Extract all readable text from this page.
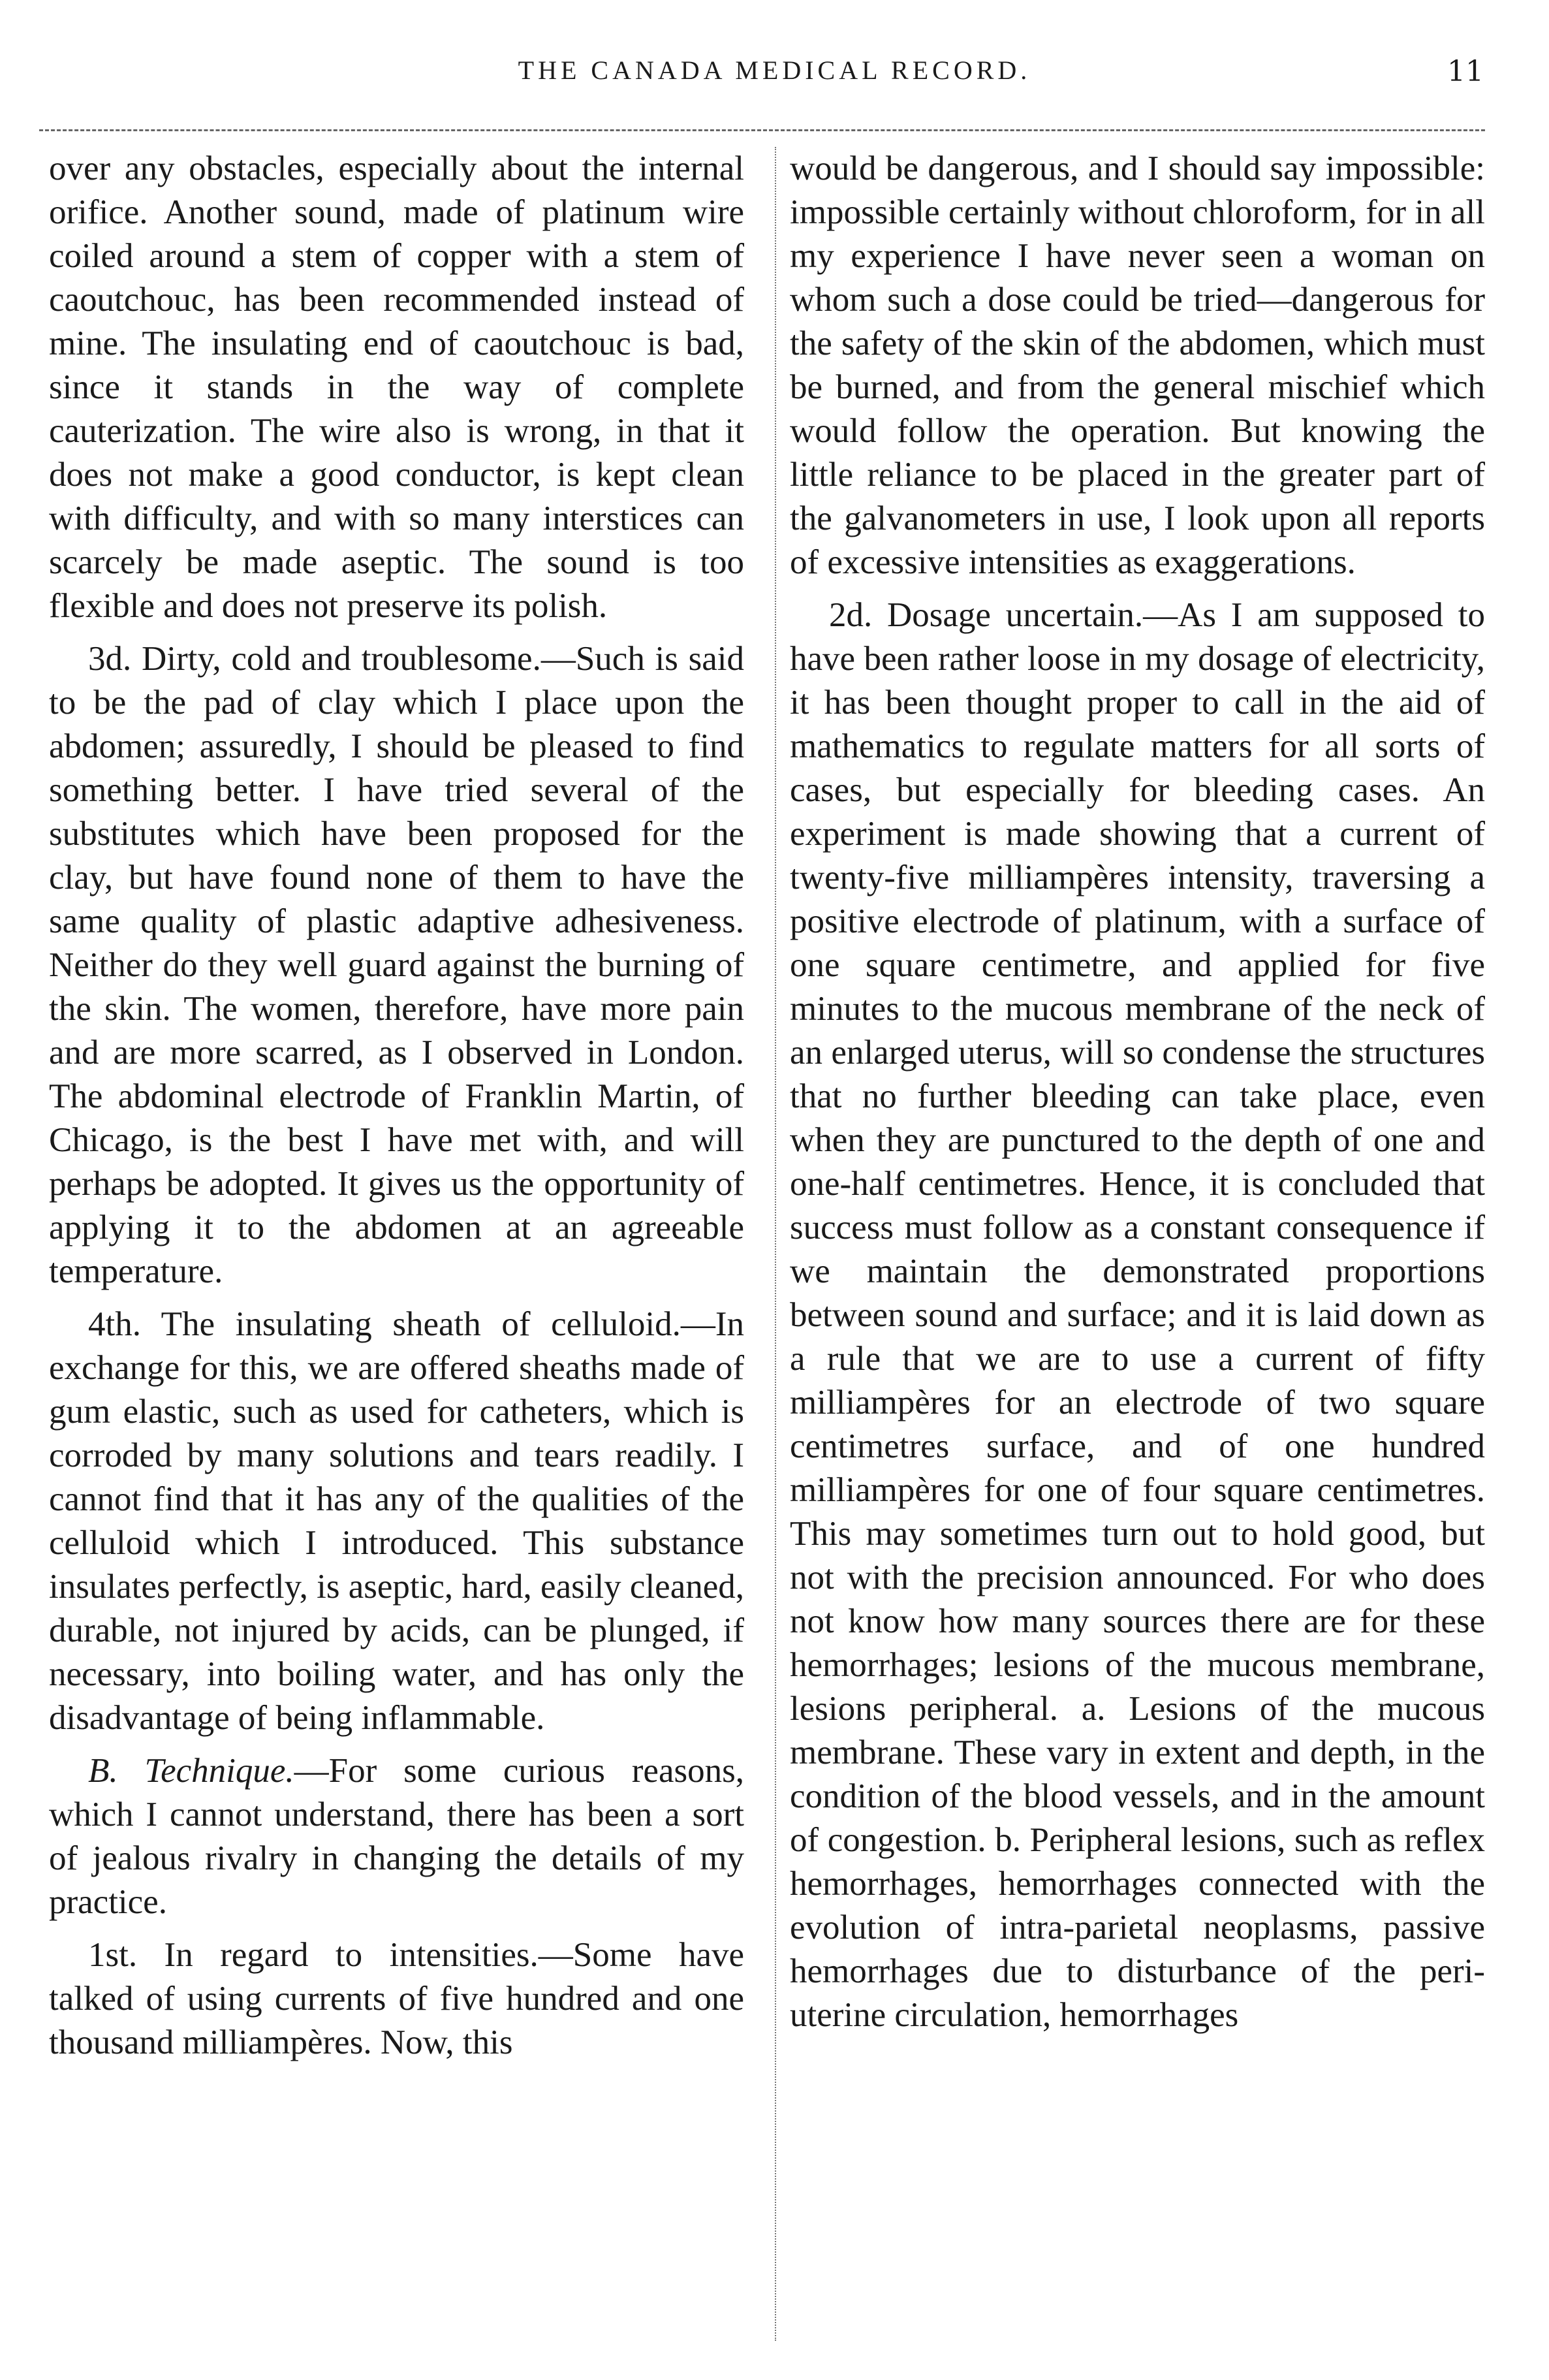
THE CANADA MEDICAL RECORD.	11

over any obstacles, especially about the internal orifice. Another sound, made of platinum wire coiled around a stem of copper with a stem of caoutchouc, has been recommended instead of mine. The insulating end of caoutchouc is bad, since it stands in the way of complete cauterization. The wire also is wrong, in that it does not make a good conductor, is kept clean with difficulty, and with so many interstices can scarcely be made aseptic. The sound is too flexible and does not preserve its polish.

3d. Dirty, cold and troublesome.—Such is said to be the pad of clay which I place upon the abdomen; assuredly, I should be pleased to find something better. I have tried several of the substitutes which have been proposed for the clay, but have found none of them to have the same quality of plastic adaptive adhesiveness. Neither do they well guard against the burning of the skin. The women, therefore, have more pain and are more scarred, as I observed in London. The abdominal electrode of Franklin Martin, of Chicago, is the best I have met with, and will perhaps be adopted. It gives us the opportunity of applying it to the abdomen at an agreeable temperature.

4th. The insulating sheath of celluloid.—In exchange for this, we are offered sheaths made of gum elastic, such as used for catheters, which is corroded by many solutions and tears readily. I cannot find that it has any of the qualities of the celluloid which I introduced. This substance insulates perfectly, is aseptic, hard, easily cleaned, durable, not injured by acids, can be plunged, if necessary, into boiling water, and has only the disadvantage of being inflammable.

B. Technique.—For some curious reasons, which I cannot understand, there has been a sort of jealous rivalry in changing the details of my practice.

1st. In regard to intensities.—Some have talked of using currents of five hundred and one thousand milliampères. Now, this

would be dangerous, and I should say impossible: impossible certainly without chloroform, for in all my experience I have never seen a woman on whom such a dose could be tried—dangerous for the safety of the skin of the abdomen, which must be burned, and from the general mischief which would follow the operation. But knowing the little reliance to be placed in the greater part of the galvanometers in use, I look upon all reports of excessive intensities as exaggerations.

2d. Dosage uncertain.—As I am supposed to have been rather loose in my dosage of electricity, it has been thought proper to call in the aid of mathematics to regulate matters for all sorts of cases, but especially for bleeding cases. An experiment is made showing that a current of twenty-five milliampères intensity, traversing a positive electrode of platinum, with a surface of one square centimetre, and applied for five minutes to the mucous membrane of the neck of an enlarged uterus, will so condense the structures that no further bleeding can take place, even when they are punctured to the depth of one and one-half centimetres. Hence, it is concluded that success must follow as a constant consequence if we maintain the demonstrated proportions between sound and surface; and it is laid down as a rule that we are to use a current of fifty milliampères for an electrode of two square centimetres surface, and of one hundred milliampères for one of four square centimetres. This may sometimes turn out to hold good, but not with the precision announced. For who does not know how many sources there are for these hemorrhages; lesions of the mucous membrane, lesions peripheral. a. Lesions of the mucous membrane. These vary in extent and depth, in the condition of the blood vessels, and in the amount of congestion. b. Peripheral lesions, such as reflex hemorrhages, hemorrhages connected with the evolution of intra-parietal neoplasms, passive hemorrhages due to disturbance of the peri-uterine circulation, hemorrhages
